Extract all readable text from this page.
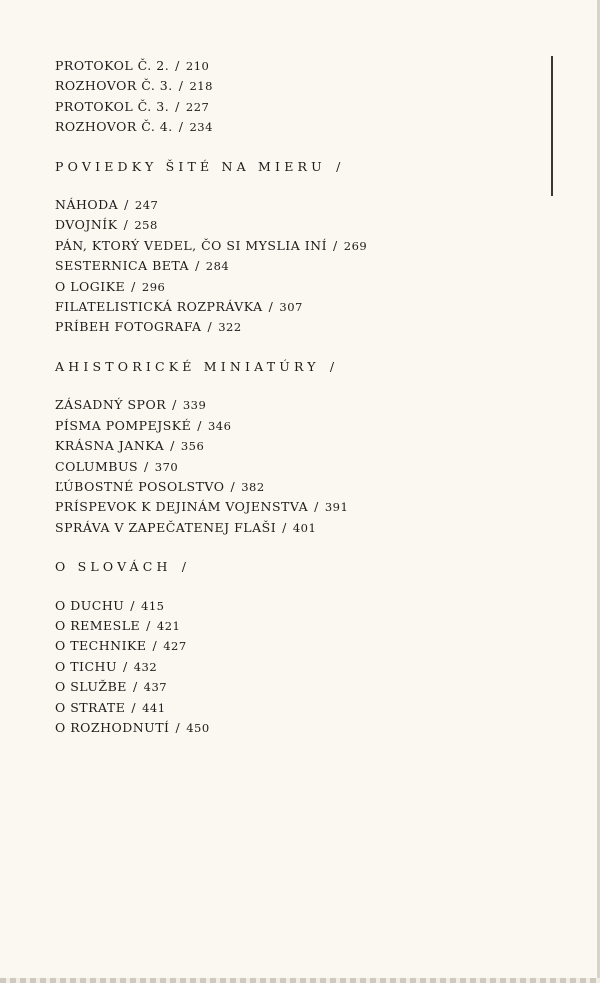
PROTOKOL Č. 2. / 210
ROZHOVOR Č. 3. / 218
PROTOKOL Č. 3. / 227
ROZHOVOR Č. 4. / 234
POVIEDKY ŠITÉ NA MIERU /
NÁHODA / 247
DVOJNÍK / 258
PÁN, KTORÝ VEDEL, ČO SI MYSLIA INÍ / 269
SESTERNICA BETA / 284
O LOGIKE / 296
FILATELISTICKÁ ROZPRÁVKA / 307
PRÍBEH FOTOGRAFA / 322
AHISTORICKÉ MINIATÚRY /
ZÁSADNÝ SPOR / 339
PÍSMA POMPEJSKÉ / 346
KRÁSNA JANKA / 356
COLUMBUS / 370
ĽÚBOSTNÉ POSOLSTVO / 382
PRÍSPEVOK K DEJINÁM VOJENSTVA / 391
SPRÁVA V ZAPEČATENEJ FLAŠI / 401
O SLOVÁCH /
O DUCHU / 415
O REMESLE / 421
O TECHNIKE / 427
O TICHU / 432
O SLUŽBE / 437
O STRATE / 441
O ROZHODNUTÍ / 450
